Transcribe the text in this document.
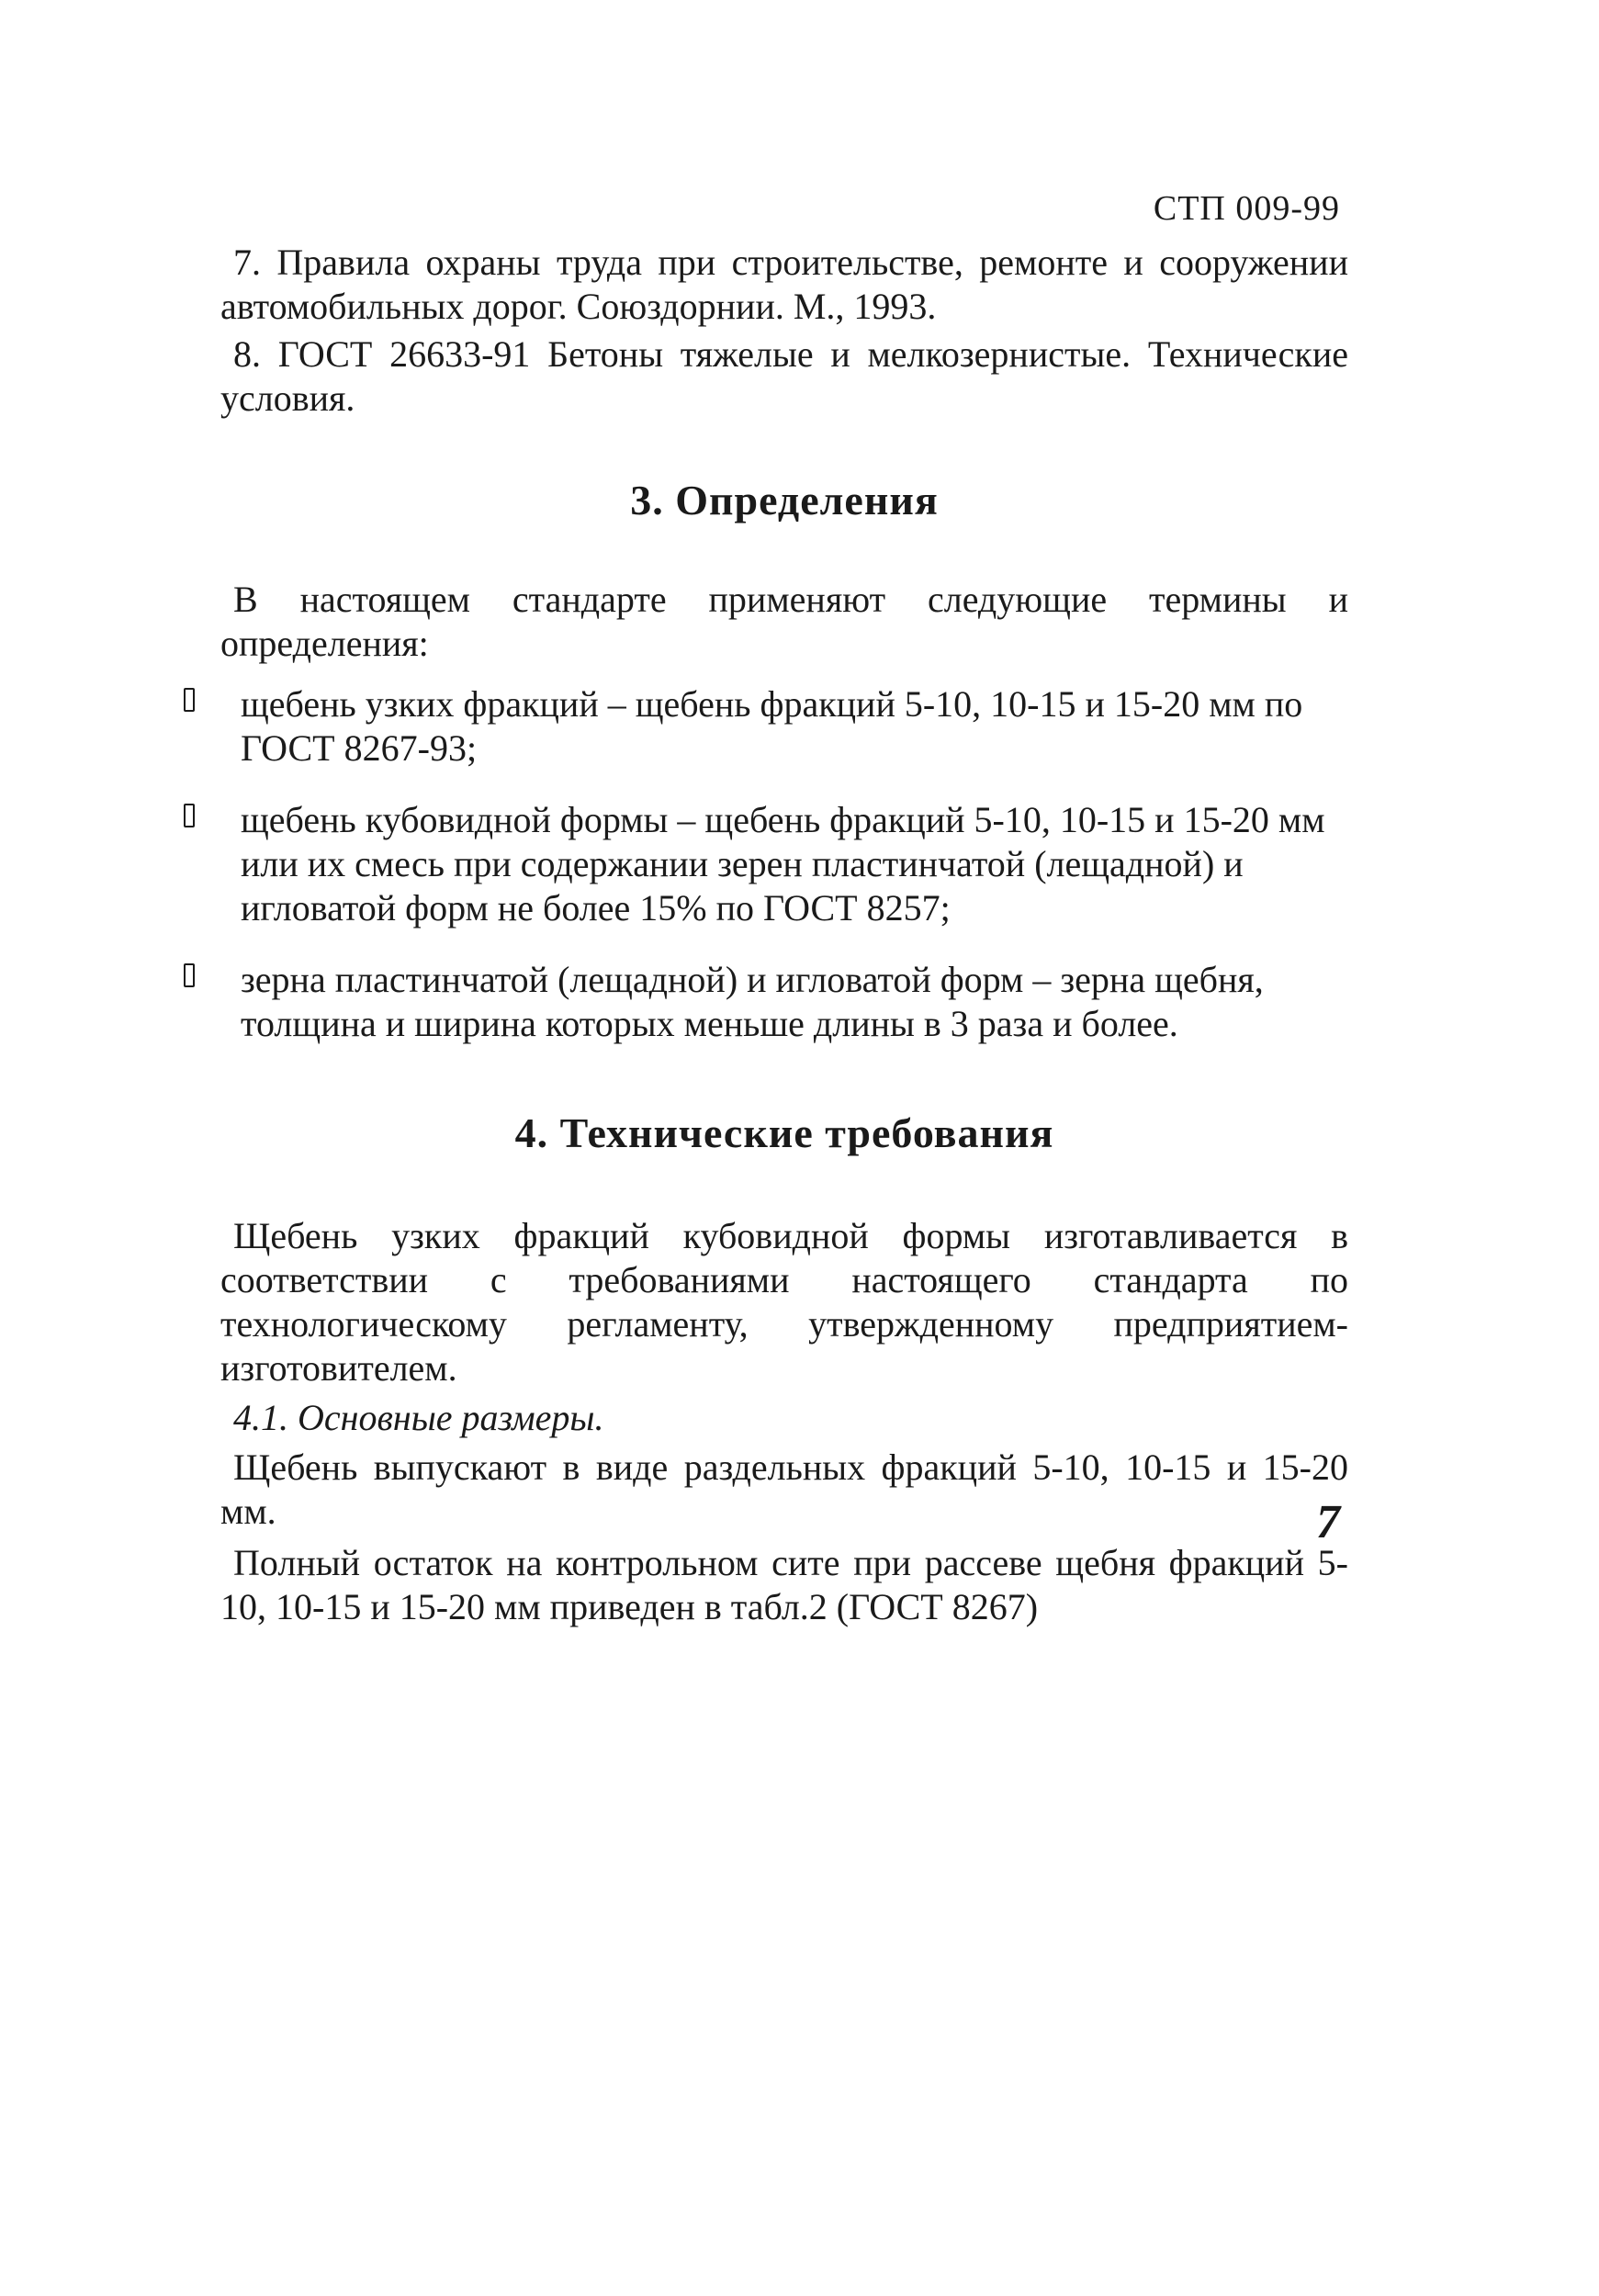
СТП 009-99

7. Правила охраны труда при строительстве, ремонте и сооружении автомобильных дорог. Союздорнии. М., 1993.

8. ГОСТ 26633-91 Бетоны тяжелые и мелкозернистые. Технические условия.

3. Определения

В настоящем стандарте применяют следующие термины и определения:

щебень узких фракций – щебень фракций 5-10, 10-15 и 15-20 мм по ГОСТ 8267-93;

щебень кубовидной формы – щебень фракций 5-10, 10-15 и 15-20 мм или их смесь при содержании зерен пластинчатой (лещадной) и игловатой форм не более 15% по ГОСТ 8257;

зерна пластинчатой (лещадной) и игловатой форм – зерна щебня, толщина и ширина которых меньше длины в 3 раза и более.

4. Технические требования

Щебень узких фракций кубовидной формы изготавливается в соответствии с требованиями настоящего стандарта по технологическому регламенту, утвержденному предприятием-изготовителем.

4.1. Основные размеры.

Щебень выпускают в виде раздельных фракций 5-10, 10-15 и 15-20 мм.

Полный остаток на контрольном сите при рассеве щебня фракций 5-10, 10-15 и 15-20 мм приведен в табл.2 (ГОСТ 8267)

7
